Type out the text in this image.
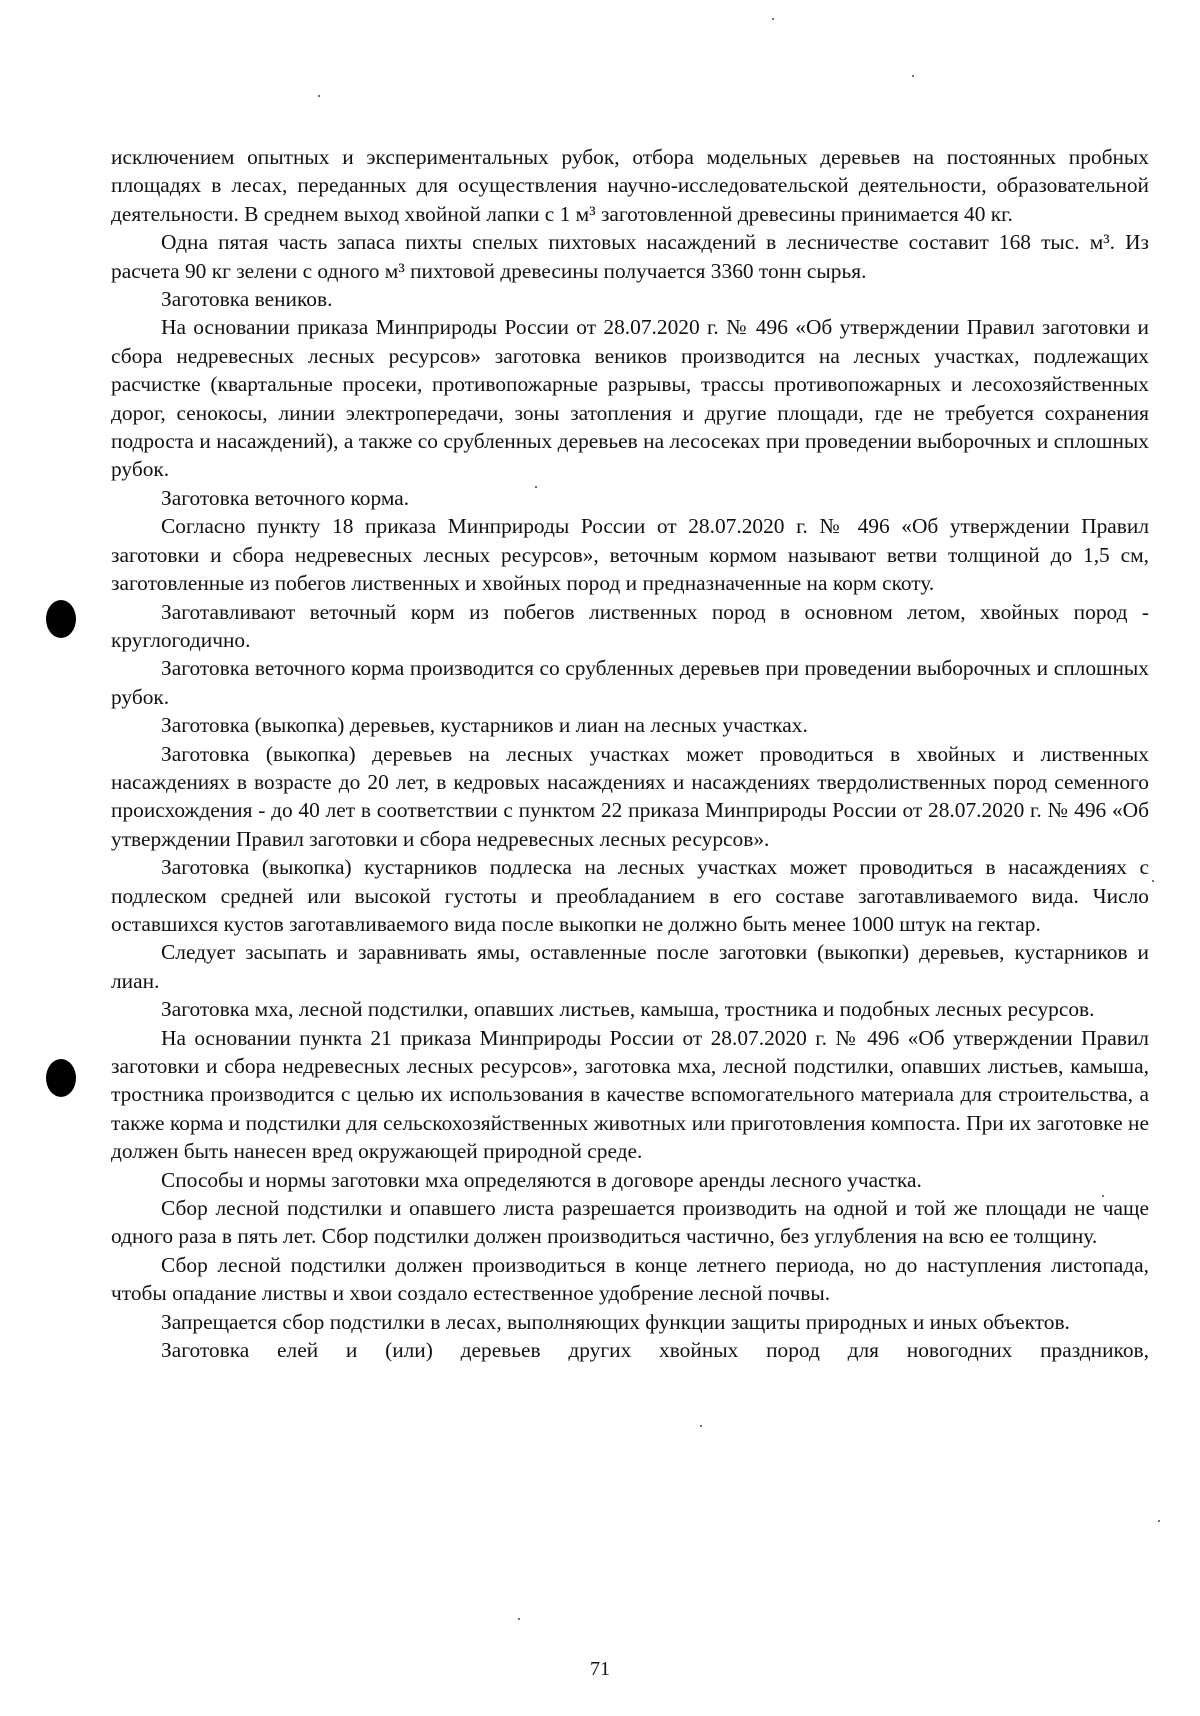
исключением опытных и экспериментальных рубок, отбора модельных деревьев на постоянных пробных площадях в лесах, переданных для осуществления научно-исследовательской деятельности, образовательной деятельности. В среднем выход хвойной лапки с 1 м³ заготовленной древесины принимается 40 кг.

Одна пятая часть запаса пихты спелых пихтовых насаждений в лесничестве составит 168 тыс. м³. Из расчета 90 кг зелени с одного м³ пихтовой древесины получается 3360 тонн сырья.

Заготовка веников.

На основании приказа Минприроды России от 28.07.2020 г. № 496 «Об утверждении Правил заготовки и сбора недревесных лесных ресурсов» заготовка веников производится на лесных участках, подлежащих расчистке (квартальные просеки, противопожарные разрывы, трассы противопожарных и лесохозяйственных дорог, сенокосы, линии электропередачи, зоны затопления и другие площади, где не требуется сохранения подроста и насаждений), а также со срубленных деревьев на лесосеках при проведении выборочных и сплошных рубок.

Заготовка веточного корма.

Согласно пункту 18 приказа Минприроды России от 28.07.2020 г. № 496 «Об утверждении Правил заготовки и сбора недревесных лесных ресурсов», веточным кормом называют ветви толщиной до 1,5 см, заготовленные из побегов лиственных и хвойных пород и предназначенные на корм скоту.

Заготавливают веточный корм из побегов лиственных пород в основном летом, хвойных пород - круглогодично.

Заготовка веточного корма производится со срубленных деревьев при проведении выборочных и сплошных рубок.

Заготовка (выкопка) деревьев, кустарников и лиан на лесных участках.

Заготовка (выкопка) деревьев на лесных участках может проводиться в хвойных и лиственных насаждениях в возрасте до 20 лет, в кедровых насаждениях и насаждениях твердолиственных пород семенного происхождения - до 40 лет в соответствии с пунктом 22 приказа Минприроды России от 28.07.2020 г. № 496 «Об утверждении Правил заготовки и сбора недревесных лесных ресурсов».

Заготовка (выкопка) кустарников подлеска на лесных участках может проводиться в насаждениях с подлеском средней или высокой густоты и преобладанием в его составе заготавливаемого вида. Число оставшихся кустов заготавливаемого вида после выкопки не должно быть менее 1000 штук на гектар.

Следует засыпать и заравнивать ямы, оставленные после заготовки (выкопки) деревьев, кустарников и лиан.

Заготовка мха, лесной подстилки, опавших листьев, камыша, тростника и подобных лесных ресурсов.

На основании пункта 21 приказа Минприроды России от 28.07.2020 г. № 496 «Об утверждении Правил заготовки и сбора недревесных лесных ресурсов», заготовка мха, лесной подстилки, опавших листьев, камыша, тростника производится с целью их использования в качестве вспомогательного материала для строительства, а также корма и подстилки для сельскохозяйственных животных или приготовления компоста. При их заготовке не должен быть нанесен вред окружающей природной среде.

Способы и нормы заготовки мха определяются в договоре аренды лесного участка.

Сбор лесной подстилки и опавшего листа разрешается производить на одной и той же площади не чаще одного раза в пять лет. Сбор подстилки должен производиться частично, без углубления на всю ее толщину.

Сбор лесной подстилки должен производиться в конце летнего периода, но до наступления листопада, чтобы опадание листвы и хвои создало естественное удобрение лесной почвы.

Запрещается сбор подстилки в лесах, выполняющих функции защиты природных и иных объектов.

Заготовка елей и (или) деревьев других хвойных пород для новогодних праздников,

71
